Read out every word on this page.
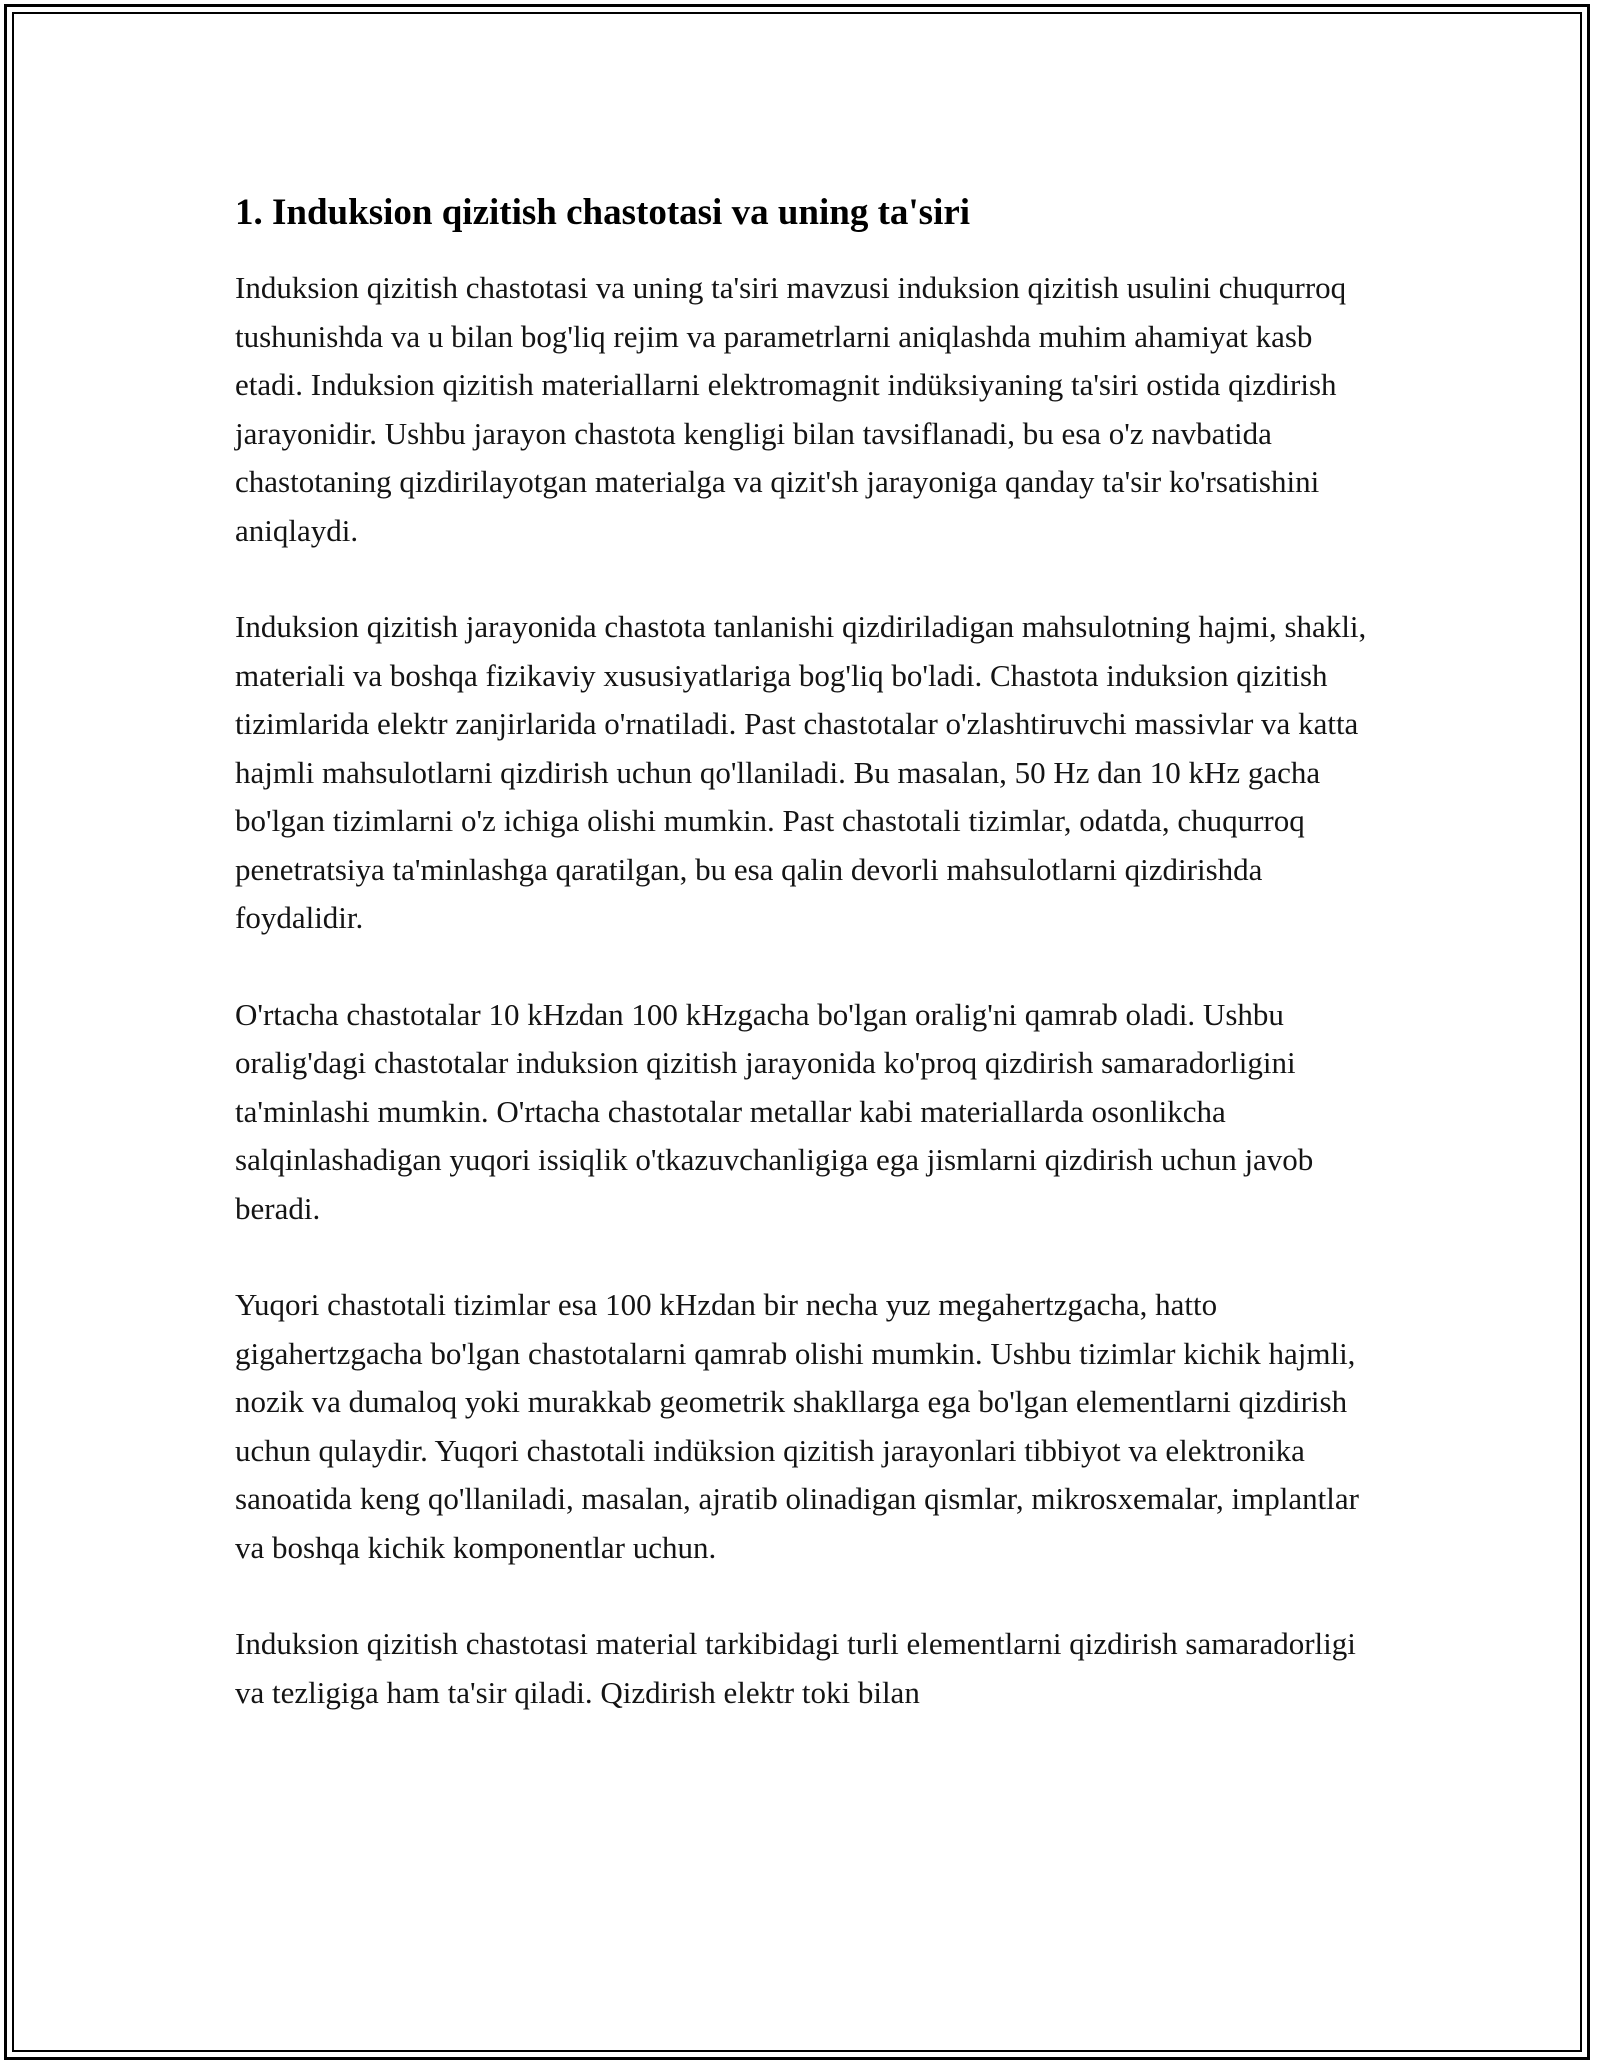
1. Induksion qizitish chastotasi va uning ta'siri

Induksion qizitish chastotasi va uning ta'siri mavzusi induksion qizitish usulini chuqurroq tushunishda va u bilan bog'liq rejim va parametrlarni aniqlashda muhim ahamiyat kasb etadi. Induksion qizitish materiallarni elektromagnit indüksiyaning ta'siri ostida qizdirish jarayonidir. Ushbu jarayon chastota kengligi bilan tavsiflanadi, bu esa o'z navbatida chastotaning qizdirilayotgan materialga va qizit'sh jarayoniga qanday ta'sir ko'rsatishini aniqlaydi.

Induksion qizitish jarayonida chastota tanlanishi qizdiriladigan mahsulotning hajmi, shakli, materiali va boshqa fizikaviy xususiyatlariga bog'liq bo'ladi. Chastota induksion qizitish tizimlarida elektr zanjirlarida o'rnatiladi. Past chastotalar o'zlashtiruvchi massivlar va katta hajmli mahsulotlarni qizdirish uchun qo'llaniladi. Bu masalan, 50 Hz dan 10 kHz gacha bo'lgan tizimlarni o'z ichiga olishi mumkin. Past chastotali tizimlar, odatda, chuqurroq penetratsiya ta'minlashga qaratilgan, bu esa qalin devorli mahsulotlarni qizdirishda foydalidir.

O'rtacha chastotalar 10 kHzdan 100 kHzgacha bo'lgan oralig'ni qamrab oladi. Ushbu oralig'dagi chastotalar induksion qizitish jarayonida ko'proq qizdirish samaradorligini ta'minlashi mumkin. O'rtacha chastotalar metallar kabi materiallarda osonlikcha salqinlashadigan yuqori issiqlik o'tkazuvchanligiga ega jismlarni qizdirish uchun javob beradi.

Yuqori chastotali tizimlar esa 100 kHzdan bir necha yuz megahertzgacha, hatto gigahertzgacha bo'lgan chastotalarni qamrab olishi mumkin. Ushbu tizimlar kichik hajmli, nozik va dumaloq yoki murakkab geometrik shakllarga ega bo'lgan elementlarni qizdirish uchun qulaydir. Yuqori chastotali indüksion qizitish jarayonlari tibbiyot va elektronika sanoatida keng qo'llaniladi, masalan, ajratib olinadigan qismlar, mikrosxemalar, implantlar va boshqa kichik komponentlar uchun.

Induksion qizitish chastotasi material tarkibidagi turli elementlarni qizdirish samaradorligi va tezligiga ham ta'sir qiladi. Qizdirish elektr toki bilan
